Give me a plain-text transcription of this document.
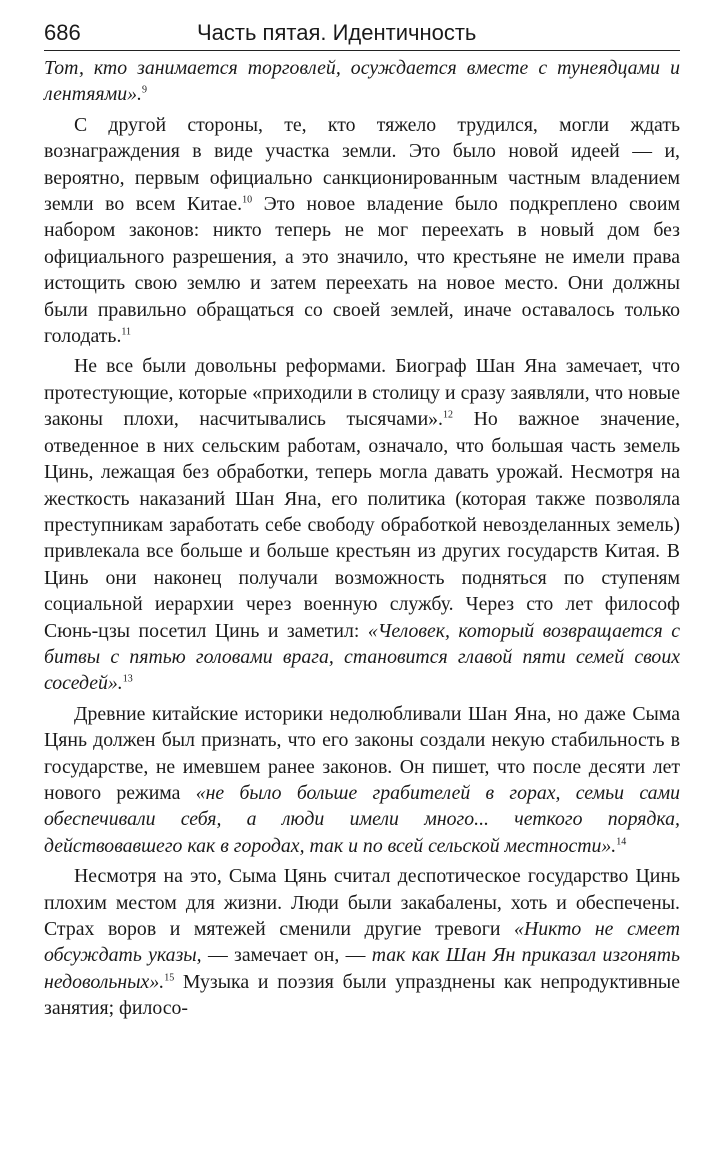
686	Часть пятая. Идентичность

Тот, кто занимается торговлей, осуждается вместе с тунеядцами и лентяями».$^9$

С другой стороны, те, кто тяжело трудился, могли ждать вознаграждения в виде участка земли. Это было новой идеей — и, вероятно, первым официально санкционированным частным владением земли во всем Китае.$^{10}$ Это новое владение было подкреплено своим набором законов: никто теперь не мог переехать в новый дом без официального разрешения, а это значило, что крестьяне не имели права истощить свою землю и затем переехать на новое место. Они должны были правильно обращаться со своей землей, иначе оставалось только голодать.$^{11}$

Не все были довольны реформами. Биограф Шан Яна замечает, что протестующие, которые «приходили в столицу и сразу заявляли, что новые законы плохи, насчитывались тысячами».$^{12}$ Но важное значение, отведенное в них сельским работам, означало, что большая часть земель Цинь, лежащая без обработки, теперь могла давать урожай. Несмотря на жесткость наказаний Шан Яна, его политика (которая также позволяла преступникам заработать себе свободу обработкой невозделанных земель) привлекала все больше и больше крестьян из других государств Китая. В Цинь они наконец получали возможность подняться по ступеням социальной иерархии через военную службу. Через сто лет философ Сюнь-цзы посетил Цинь и заметил: «Человек, который возвращается с битвы с пятью головами врага, становится главой пяти семей своих соседей».$^{13}$

Древние китайские историки недолюбливали Шан Яна, но даже Сыма Цянь должен был признать, что его законы создали некую стабильность в государстве, не имевшем ранее законов. Он пишет, что после десяти лет нового режима «не было больше грабителей в горах, семьи сами обеспечивали себя, а люди имели много... четкого порядка, действовавшего как в городах, так и по всей сельской местности».$^{14}$

Несмотря на это, Сыма Цянь считал деспотическое государство Цинь плохим местом для жизни. Люди были закабалены, хоть и обеспечены. Страх воров и мятежей сменили другие тревоги «Никто не смеет обсуждать указы, — замечает он, — так как Шан Ян приказал изгонять недовольных».$^{15}$ Музыка и поэзия были упразднены как непродуктивные занятия; филосо-
